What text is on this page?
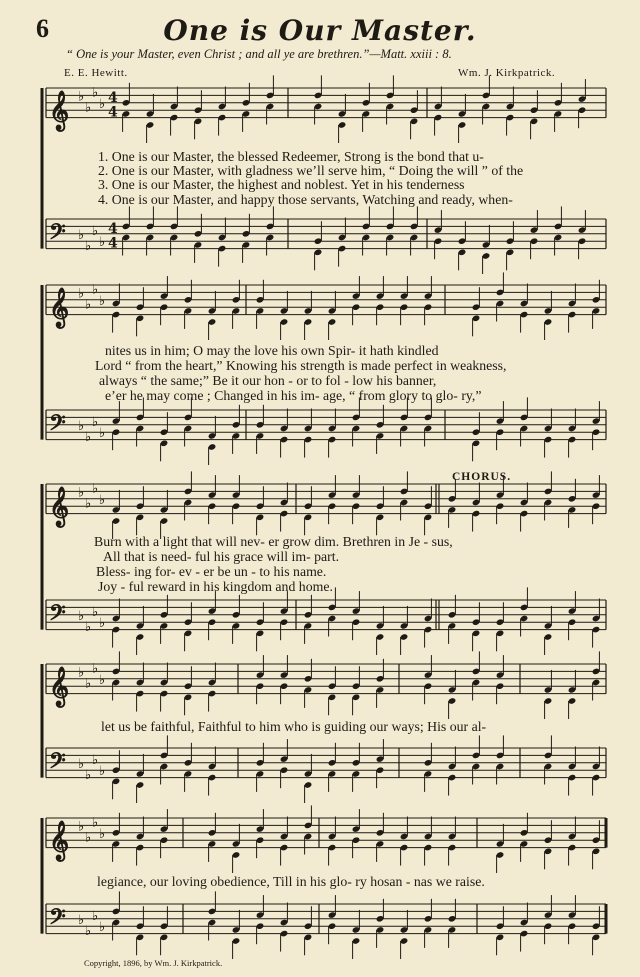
6	One is Our Master.
“ One is your Master, even Christ ; and all ye are brethren.”—Matt. xxiii : 8.
E. E. Hewitt.	Wm. J. Kirkpatrick.
𝄞 ♭
♭
♭
♭ 4
4
𝄢 ♭
♭
♭
♭
4
4
𝄞 ♭
♭
♭
♭
𝄢 ♭
♭
♭
♭
𝄞 ♭
♭
♭
♭
𝄢 ♭
♭
♭
♭
𝄞 ♭
♭
♭
♭
𝄢 ♭
♭
♭
♭
𝄞 ♭
♭
♭
♭
𝄢 ♭
♭
♭
♭
1. One is our Master, the blessed Redeemer, Strong is the bond that u-
2. One is our Master, with gladness we’ll serve him, “ Doing the will ” of the
3. One is our Master, the highest and noblest. Yet in his tenderness
4. One is our Master, and happy those servants, Watching and ready, when-
nites us in him; O may the love his own Spir- it hath kindled
Lord “ from the heart,” Knowing his strength is made perfect in weakness,
always “ the same;” Be it our hon - or to fol - low his banner,
e’er he may come ; Changed in his im- age, “ from glory to glo- ry,”
CHORUS.
Burn with a light that will nev- er grow dim. Brethren in Je - sus,
All that is need- ful his grace will im- part.
Bless- ing for- ev - er be un - to his name.
Joy - ful reward in his kingdom and home.
let us be faithful, Faithful to him who is guiding our ways; His our al-
legiance, our loving obedience, Till in his glo- ry hosan - nas we raise.
Copyright, 1896, by Wm. J. Kirkpatrick.
